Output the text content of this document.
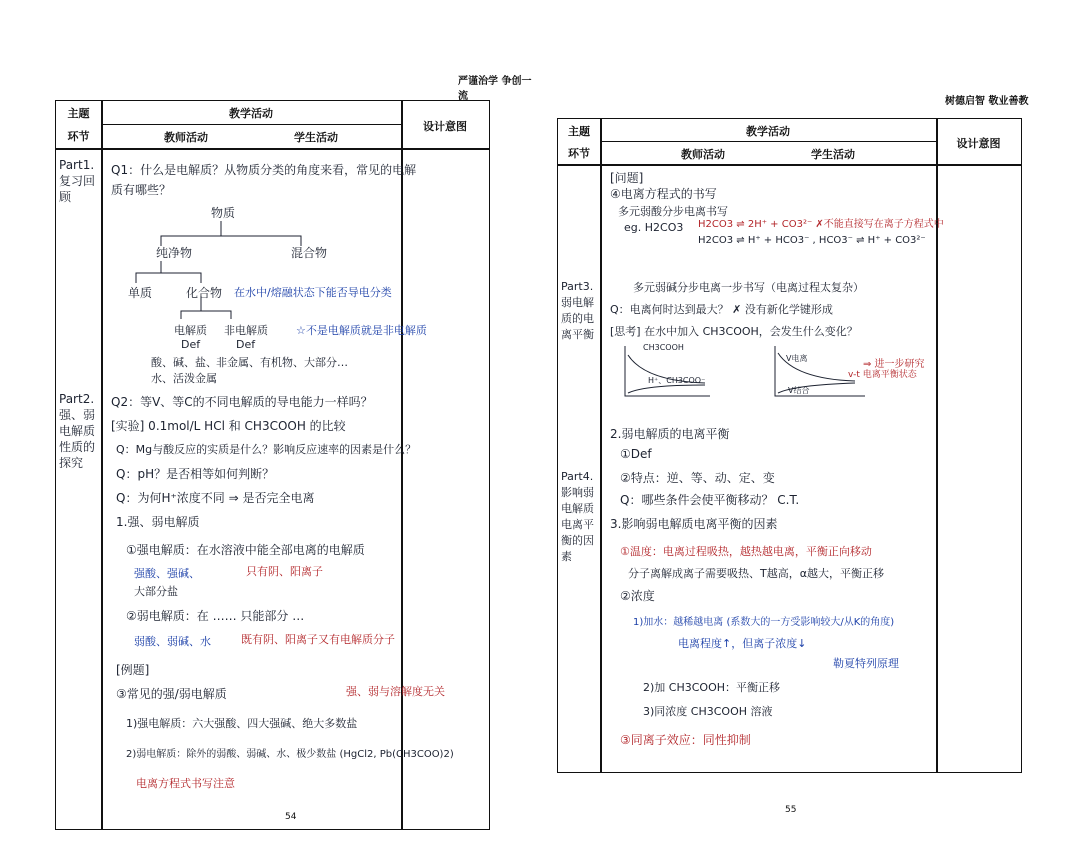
严谨治学 争创一流
主题
环节
教学活动
教师活动	学生活动
设计意图
Part1. 复习回顾
Part2. 强、弱电解质性质的探究
Q1：什么是电解质？从物质分类的角度来看，常见的电解
质有哪些？
物质
纯净物	混合物
单质	化合物 在水中/熔融状态下能否导电分类
电解质 非电解质
Def	Def
☆不是电解质就是非电解质
酸、碱、盐、
水、活泼金属
非金属、有机物、大部分…
Q2：等V、等C的不同电解质的导电能力一样吗？
[实验] 0.1mol/L HCl 和 CH3COOH 的比较
Q：Mg与酸反应的实质是什么？影响反应速率的因素是什么？
Q：pH？是否相等如何判断？
Q：为何H⁺浓度不同 ⇒ 是否完全电离
1.强、弱电解质
①强电解质：在水溶液中能全部电离的电解质
强酸、强碱、
大部分盐
只有阴、阳离子
②弱电解质：在 …… 只能部分 …
弱酸、弱碱、水	既有阴、阳离子又有电解质分子
[例题]
③常见的强/弱电解质	强、弱与溶解度无关
1)强电解质：六大强酸、四大强碱、绝大多数盐
2)弱电解质：除外的弱酸、弱碱、水、极少数盐 (HgCl2, Pb(CH3COO)2)
电离方程式书写注意
54
树德启智 敬业善教
主题
环节
教学活动
教师活动	学生活动
设计意图
Part3. 弱电解质的电离平衡
Part4. 影响弱电解质电离平衡的因素
[问题]
④电离方程式的书写
多元弱酸分步电离书写
eg. H2CO3 H2CO3 ⇌ 2H⁺ + CO3²⁻ ✗不能直接写在离子方程式中
H2CO3 ⇌ H⁺ + HCO3⁻ , HCO3⁻ ⇌ H⁺ + CO3²⁻
多元弱碱分步电离一步书写（电离过程太复杂）
Q：电离何时达到最大？ ✗ 没有新化学键形成
[思考] 在水中加入 CH3COOH，会发生什么变化？
CH3COOH
H⁺、CH3COO⁻
V电离
V结合
v-t 电离平衡状态
⇒ 进一步研究
2.弱电解质的电离平衡
①Def
②特点：逆、等、动、定、变
Q：哪些条件会使平衡移动？ C.T.
3.影响弱电解质电离平衡的因素
①温度：电离过程吸热，越热越电离，平衡正向移动
分子离解成离子需要吸热、T越高，α越大，平衡正移
②浓度
1)加水：越稀越电离 (系数大的一方受影响较大/从K的角度)
电离程度↑，但离子浓度↓
勒夏特列原理
2)加 CH3COOH：平衡正移
3)同浓度 CH3COOH 溶液
③同离子效应：同性抑制
55
